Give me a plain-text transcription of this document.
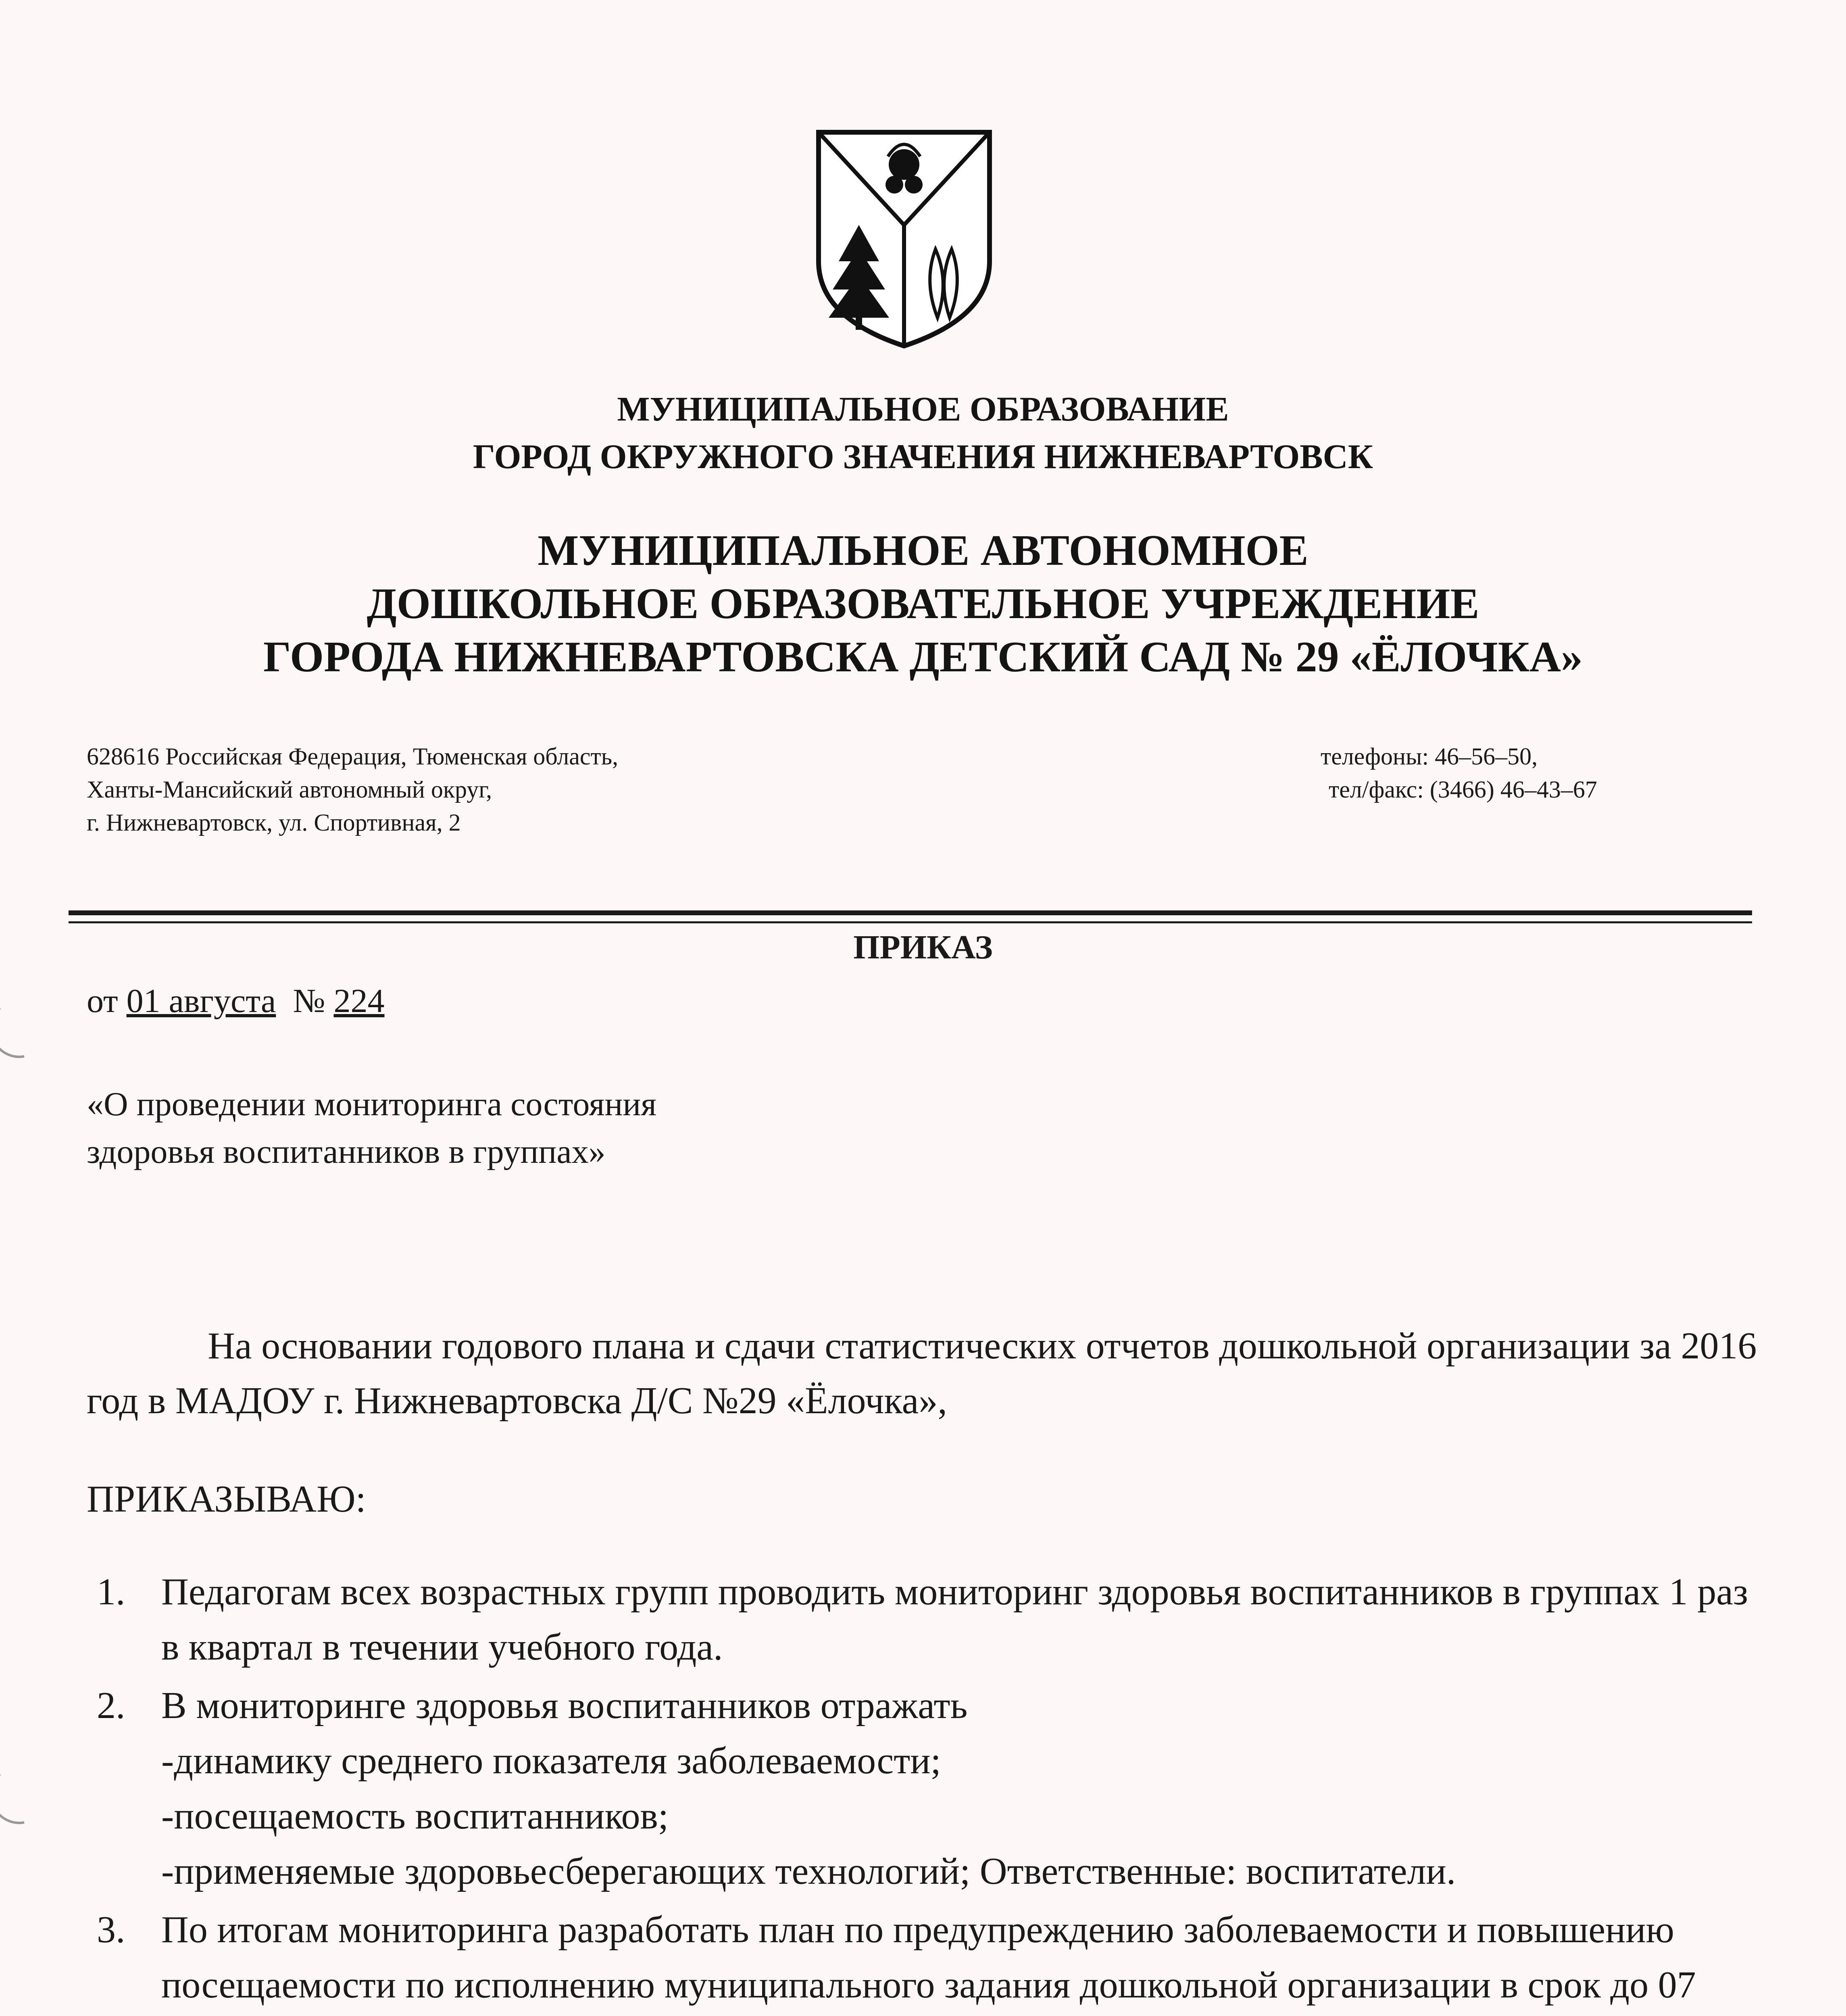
МУНИЦИПАЛЬНОЕ ОБРАЗОВАНИЕ
ГОРОД ОКРУЖНОГО ЗНАЧЕНИЯ НИЖНЕВАРТОВСК
МУНИЦИПАЛЬНОЕ АВТОНОМНОЕ
ДОШКОЛЬНОЕ ОБРАЗОВАТЕЛЬНОЕ УЧРЕЖДЕНИЕ
ГОРОДА НИЖНЕВАРТОВСКА ДЕТСКИЙ САД № 29 «ЁЛОЧКА»
628616 Российская Федерация, Тюменская область,
Ханты-Мансийский автономный округ,
г. Нижневартовск, ул. Спортивная, 2
телефоны: 46–56–50,
тел/факс: (3466) 46–43–67
ПРИКАЗ
от 01 августа  № 224
«О проведении мониторинга состояния
здоровья воспитанников в группах»
На основании годового плана и сдачи статистических отчетов дошкольной организации за 2016 год в МАДОУ г. Нижневартовска Д/С №29 «Ёлочка»,
ПРИКАЗЫВАЮ:
1. Педагогам всех возрастных групп проводить мониторинг здоровья воспитанников в группах 1 раз в квартал в течении учебного года.
2. В мониторинге здоровья воспитанников отражать
-динамику среднего показателя заболеваемости;
-посещаемость воспитанников;
-применяемые здоровьесберегающих технологий; Ответственные: воспитатели.
3. По итогам мониторинга разработать план по предупреждению заболеваемости и повышению посещаемости по исполнению муниципального задания дошкольной организации в срок до 07
